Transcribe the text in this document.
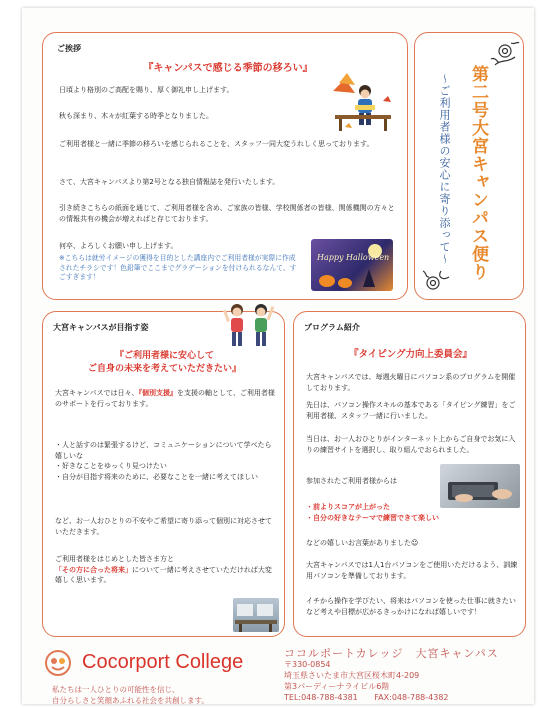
ご挨拶
『キャンパスで感じる季節の移ろい』
日頃より格別のご高配を賜り、厚く御礼申し上げます。
秋も深まり、木々が紅葉する時季となりました。
ご利用者様と一緒に季節の移ろいを感じられることを、スタッフ一同大変うれしく思っております。
さて、大宮キャンパスより第2号となる独自情報誌を発行いたします。
引き続きこちらの紙面を通じて、ご利用者様を含め、ご家族の皆様、学校関係者の皆様、関係機関の方々との情報共有の機会が増えればと存じております。
何卒、よろしくお願い申し上げます。
※こちらは就労イメージの獲得を目的とした講座内でご利用者様が実際に作成されたチラシです！色鉛筆でここまでグラデーションを付けられるなんて、すごすぎます！
Happy Halloween	第二号大宮キャンパス便り
〜ご利用者様の安心に寄り添って〜
大宮キャンパスが目指す姿
『ご利用者様に安心して
ご自身の未来を考えていただきたい』
大宮キャンパスでは日々、『個別支援』を支援の軸として、ご利用者様のサポートを行っております。
・人と話すのは緊張するけど、コミュニケーションについて学べたら嬉しいな
・好きなことをゆっくり見つけたい
・自分が目指す将来のために、必要なことを一緒に考えてほしい
など、お一人おひとりの不安やご希望に寄り添って個別に対応させていただきます。
ご利用者様をはじめとした皆さま方と
「その方に合った将来」について一緒に考えさせていただければ大変嬉しく思います。
プログラム紹介
『タイピング力向上委員会』
大宮キャンパスでは、毎週火曜日にパソコン系のプログラムを開催しております。
先日は、パソコン操作スキルの基本である「タイピング練習」をご利用者様、スタッフ一緒に行いました。
当日は、お一人おひとりがインターネット上からご自身でお気に入りの練習サイトを選択し、取り組んでおられました。
参加されたご利用者様からは
・前よりスコアが上がった
・自分の好きなテーマで練習できて楽しい
などの嬉しいお言葉がありました☺
大宮キャンパスでは1人1台パソコンをご使用いただけるよう、訓練用パソコンを準備しております。
イチから操作を学びたい、将来はパソコンを使った仕事に就きたいなど考えや目標が広がるきっかけになれば嬉しいです！
Cocorport College
私たちは一人ひとりの可能性を信じ、
自分らしさと笑顔あふれる社会を共創します。
ココルポートカレッジ　大宮キャンパス
〒330-0854
埼玉県さいたま市大宮区桜木町4-209
第3パーディーナライビル6階
TEL:048-788-4381 FAX:048-788-4382
